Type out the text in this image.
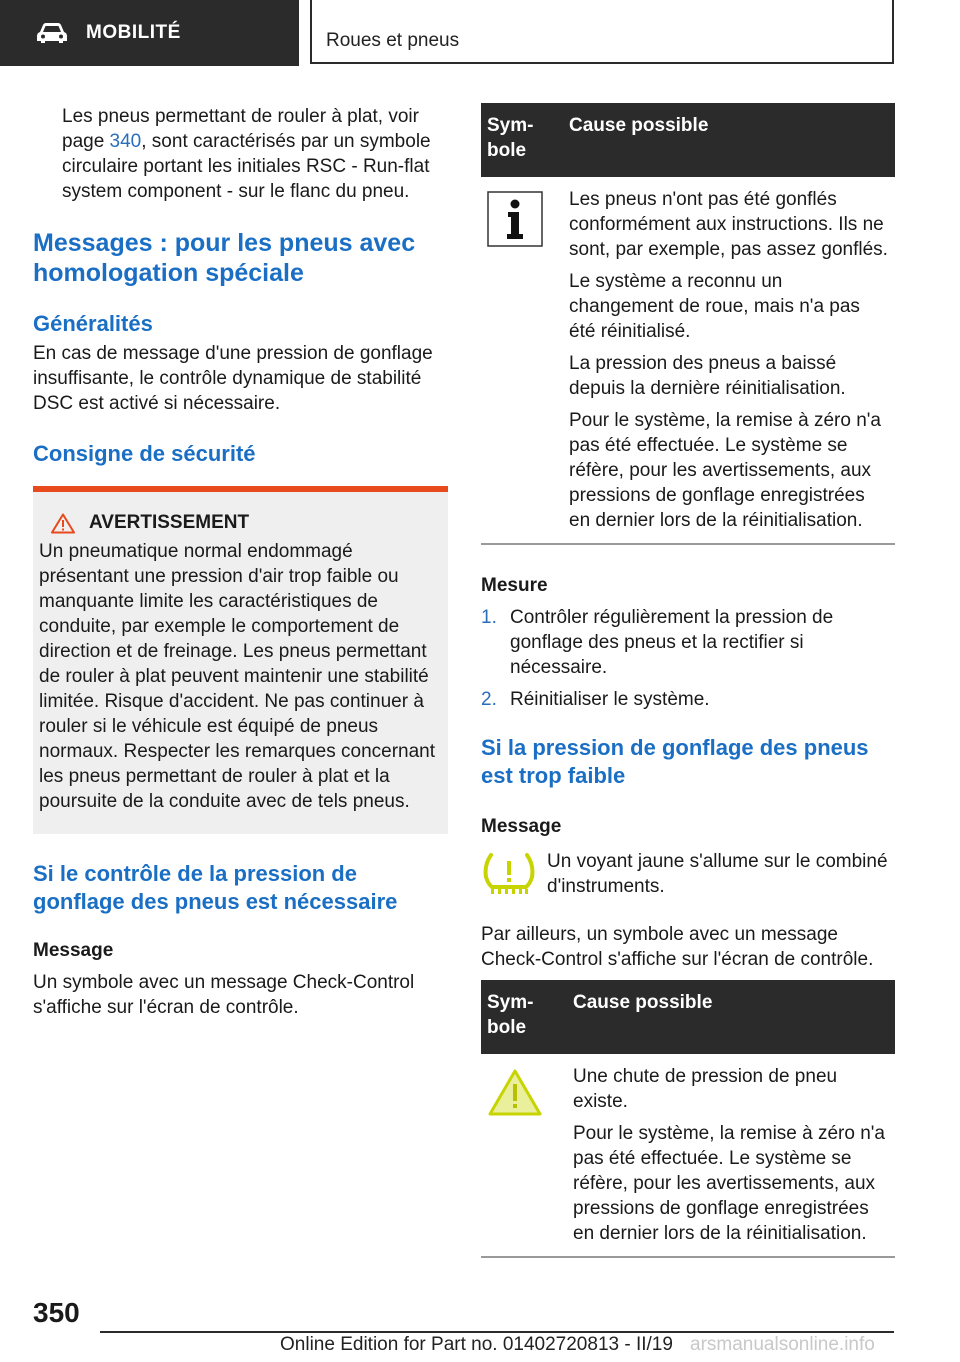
MOBILITÉ	Roues et pneus

Les pneus permettant de rouler à plat, voir page 340, sont caractérisés par un symbole circulaire portant les initiales RSC - Run-flat system component - sur le flanc du pneu.

Messages : pour les pneus avec homologation spéciale
Généralités

En cas de message d'une pression de gonflage insuffisante, le contrôle dynamique de stabilité DSC est activé si nécessaire.

Consigne de sécurité
AVERTISSEMENT

Un pneumatique normal endommagé présentant une pression d'air trop faible ou manquante limite les caractéristiques de conduite, par exemple le comportement de direction et de freinage. Les pneus permettant de rouler à plat peuvent maintenir une stabilité limitée. Risque d'accident. Ne pas continuer à rouler si le véhicule est équipé de pneus normaux. Respecter les remarques concernant les pneus permettant de rouler à plat et la poursuite de la conduite avec de tels pneus.

Si le contrôle de la pression de gonflage des pneus est nécessaire
Message

Un symbole avec un message Check-Control s'affiche sur l'écran de contrôle.

Sym-bole	Cause possible

Les pneus n'ont pas été gonflés conformément aux instructions. Ils ne sont, par exemple, pas assez gonflés.

Le système a reconnu un changement de roue, mais n'a pas été réinitialisé.

La pression des pneus a baissé depuis la dernière réinitialisation.

Pour le système, la remise à zéro n'a pas été effectuée. Le système se réfère, pour les avertissements, aux pressions de gonflage enregistrées en dernier lors de la réinitialisation.

Mesure
1. Contrôler régulièrement la pression de gonflage des pneus et la rectifier si nécessaire.
2. Réinitialiser le système.
Si la pression de gonflage des pneus est trop faible
Message

Un voyant jaune s'allume sur le combiné d'instruments.

Par ailleurs, un symbole avec un message Check-Control s'affiche sur l'écran de contrôle.

Sym-bole	Cause possible

Une chute de pression de pneu existe.

Pour le système, la remise à zéro n'a pas été effectuée. Le système se réfère, pour les avertissements, aux pressions de gonflage enregistrées en dernier lors de la réinitialisation.

350
Online Edition for Part no. 01402720813 - II/19 arsmanualsonline.info
